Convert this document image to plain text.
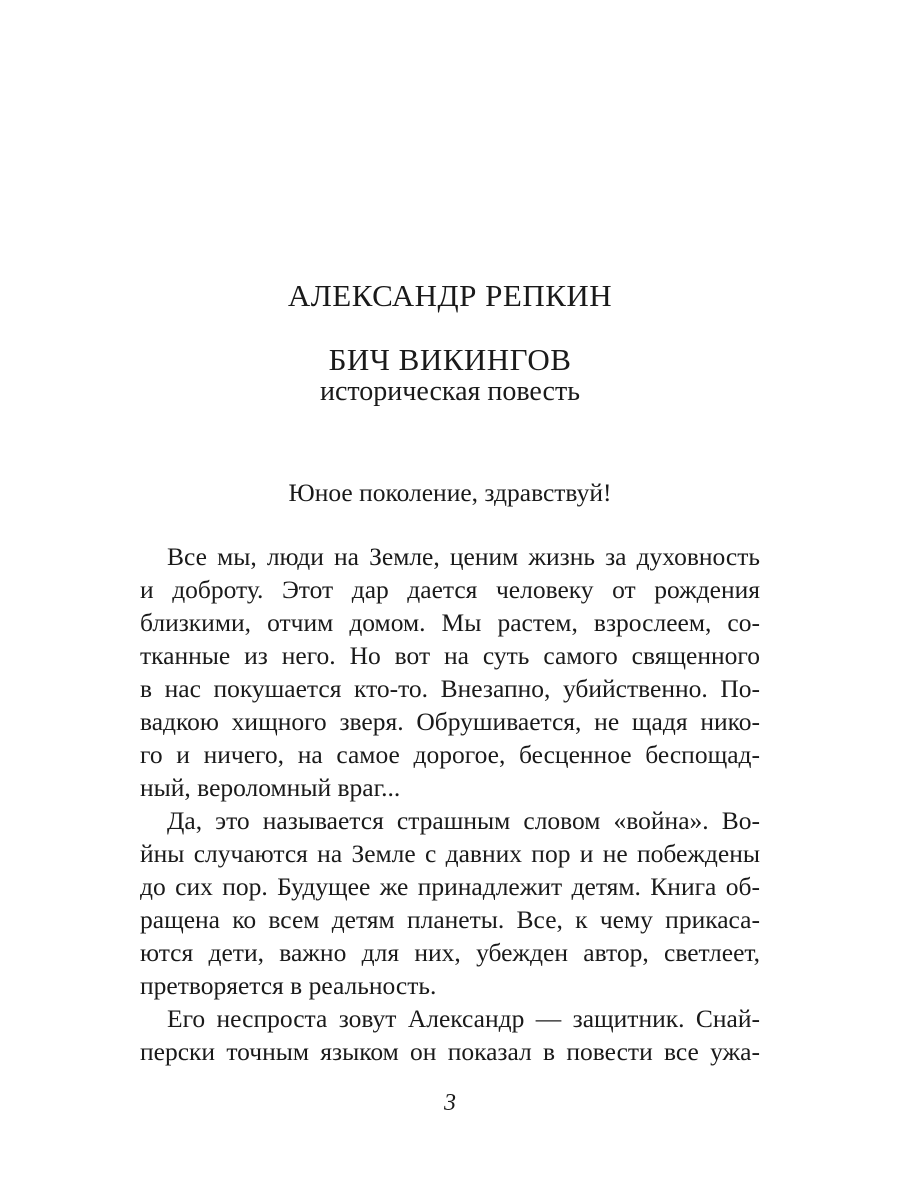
АЛЕКСАНДР РЕПКИН
БИЧ ВИКИНГОВ
историческая повесть
Юное поколение, здравствуй!
Все мы, люди на Земле, ценим жизнь за духовность
и доброту. Этот дар дается человеку от рождения
близкими, отчим домом. Мы растем, взрослеем, со-
тканные из него. Но вот на суть самого священного
в нас покушается кто-то. Внезапно, убийственно. По-
вадкою хищного зверя. Обрушивается, не щадя нико-
го и ничего, на самое дорогое, бесценное беспощад-
ный, вероломный враг...
Да, это называется страшным словом «война». Во-
йны случаются на Земле с давних пор и не побеждены
до сих пор. Будущее же принадлежит детям. Книга об-
ращена ко всем детям планеты. Все, к чему прикаса-
ются дети, важно для них, убежден автор, светлеет,
претворяется в реальность.
Его неспроста зовут Александр — защитник. Снай-
перски точным языком он показал в повести все ужа-
3
